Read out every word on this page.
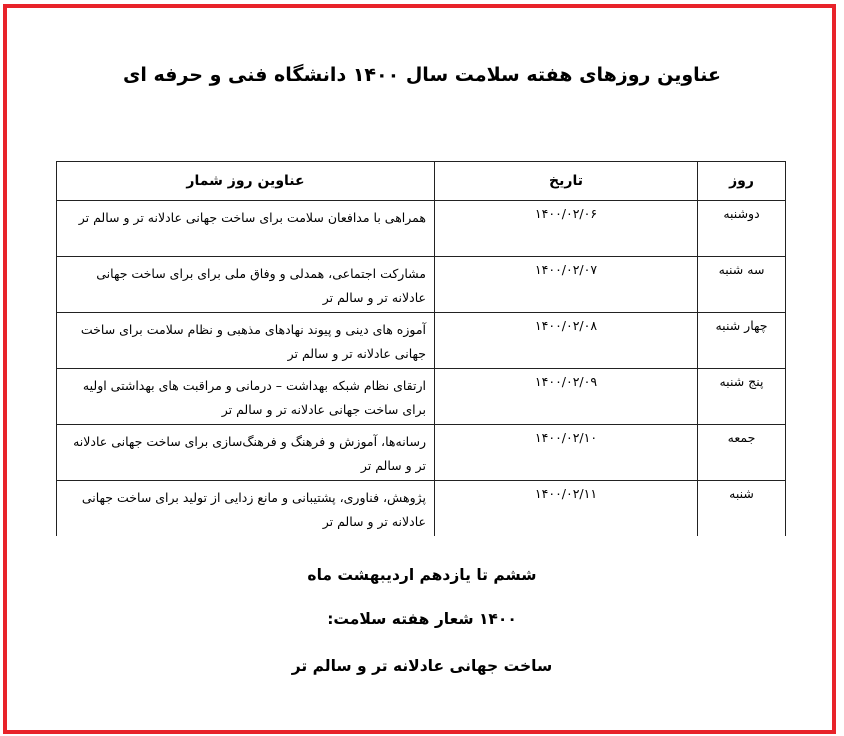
عناوین روزهای هفته سلامت سال ۱۴۰۰ دانشگاه فنی و حرفه ای
روز	تاریخ	عناوین روز شمار
دوشنبه	۱۴۰۰/۰۲/۰۶	همراهی با مدافعان سلامت برای ساخت جهانی عادلانه تر و سالم تر
سه شنبه	۱۴۰۰/۰۲/۰۷	مشارکت اجتماعی، همدلی و وفاق ملی برای برای ساخت جهانی عادلانه تر و سالم تر
چهار شنبه	۱۴۰۰/۰۲/۰۸	آموزه های دینی و پیوند نهادهای مذهبی و نظام سلامت برای ساخت جهانی عادلانه تر و سالم تر
پنج شنبه	۱۴۰۰/۰۲/۰۹	ارتقای نظام شبکه بهداشت – درمانی و مراقبت های بهداشتی اولیه برای ساخت جهانی عادلانه تر و سالم تر
جمعه	۱۴۰۰/۰۲/۱۰	رسانه‌ها، آموزش و فرهنگ و فرهنگ‌سازی برای ساخت جهانی عادلانه تر و سالم تر
شنبه	۱۴۰۰/۰۲/۱۱	پژوهش، فناوری، پشتیبانی و مانع زدایی از تولید برای ساخت جهانی عادلانه تر و سالم تر
ششم تا یازدهم اردیبهشت ماه
۱۴۰۰ شعار هفته سلامت:
ساخت جهانی عادلانه تر و سالم تر
